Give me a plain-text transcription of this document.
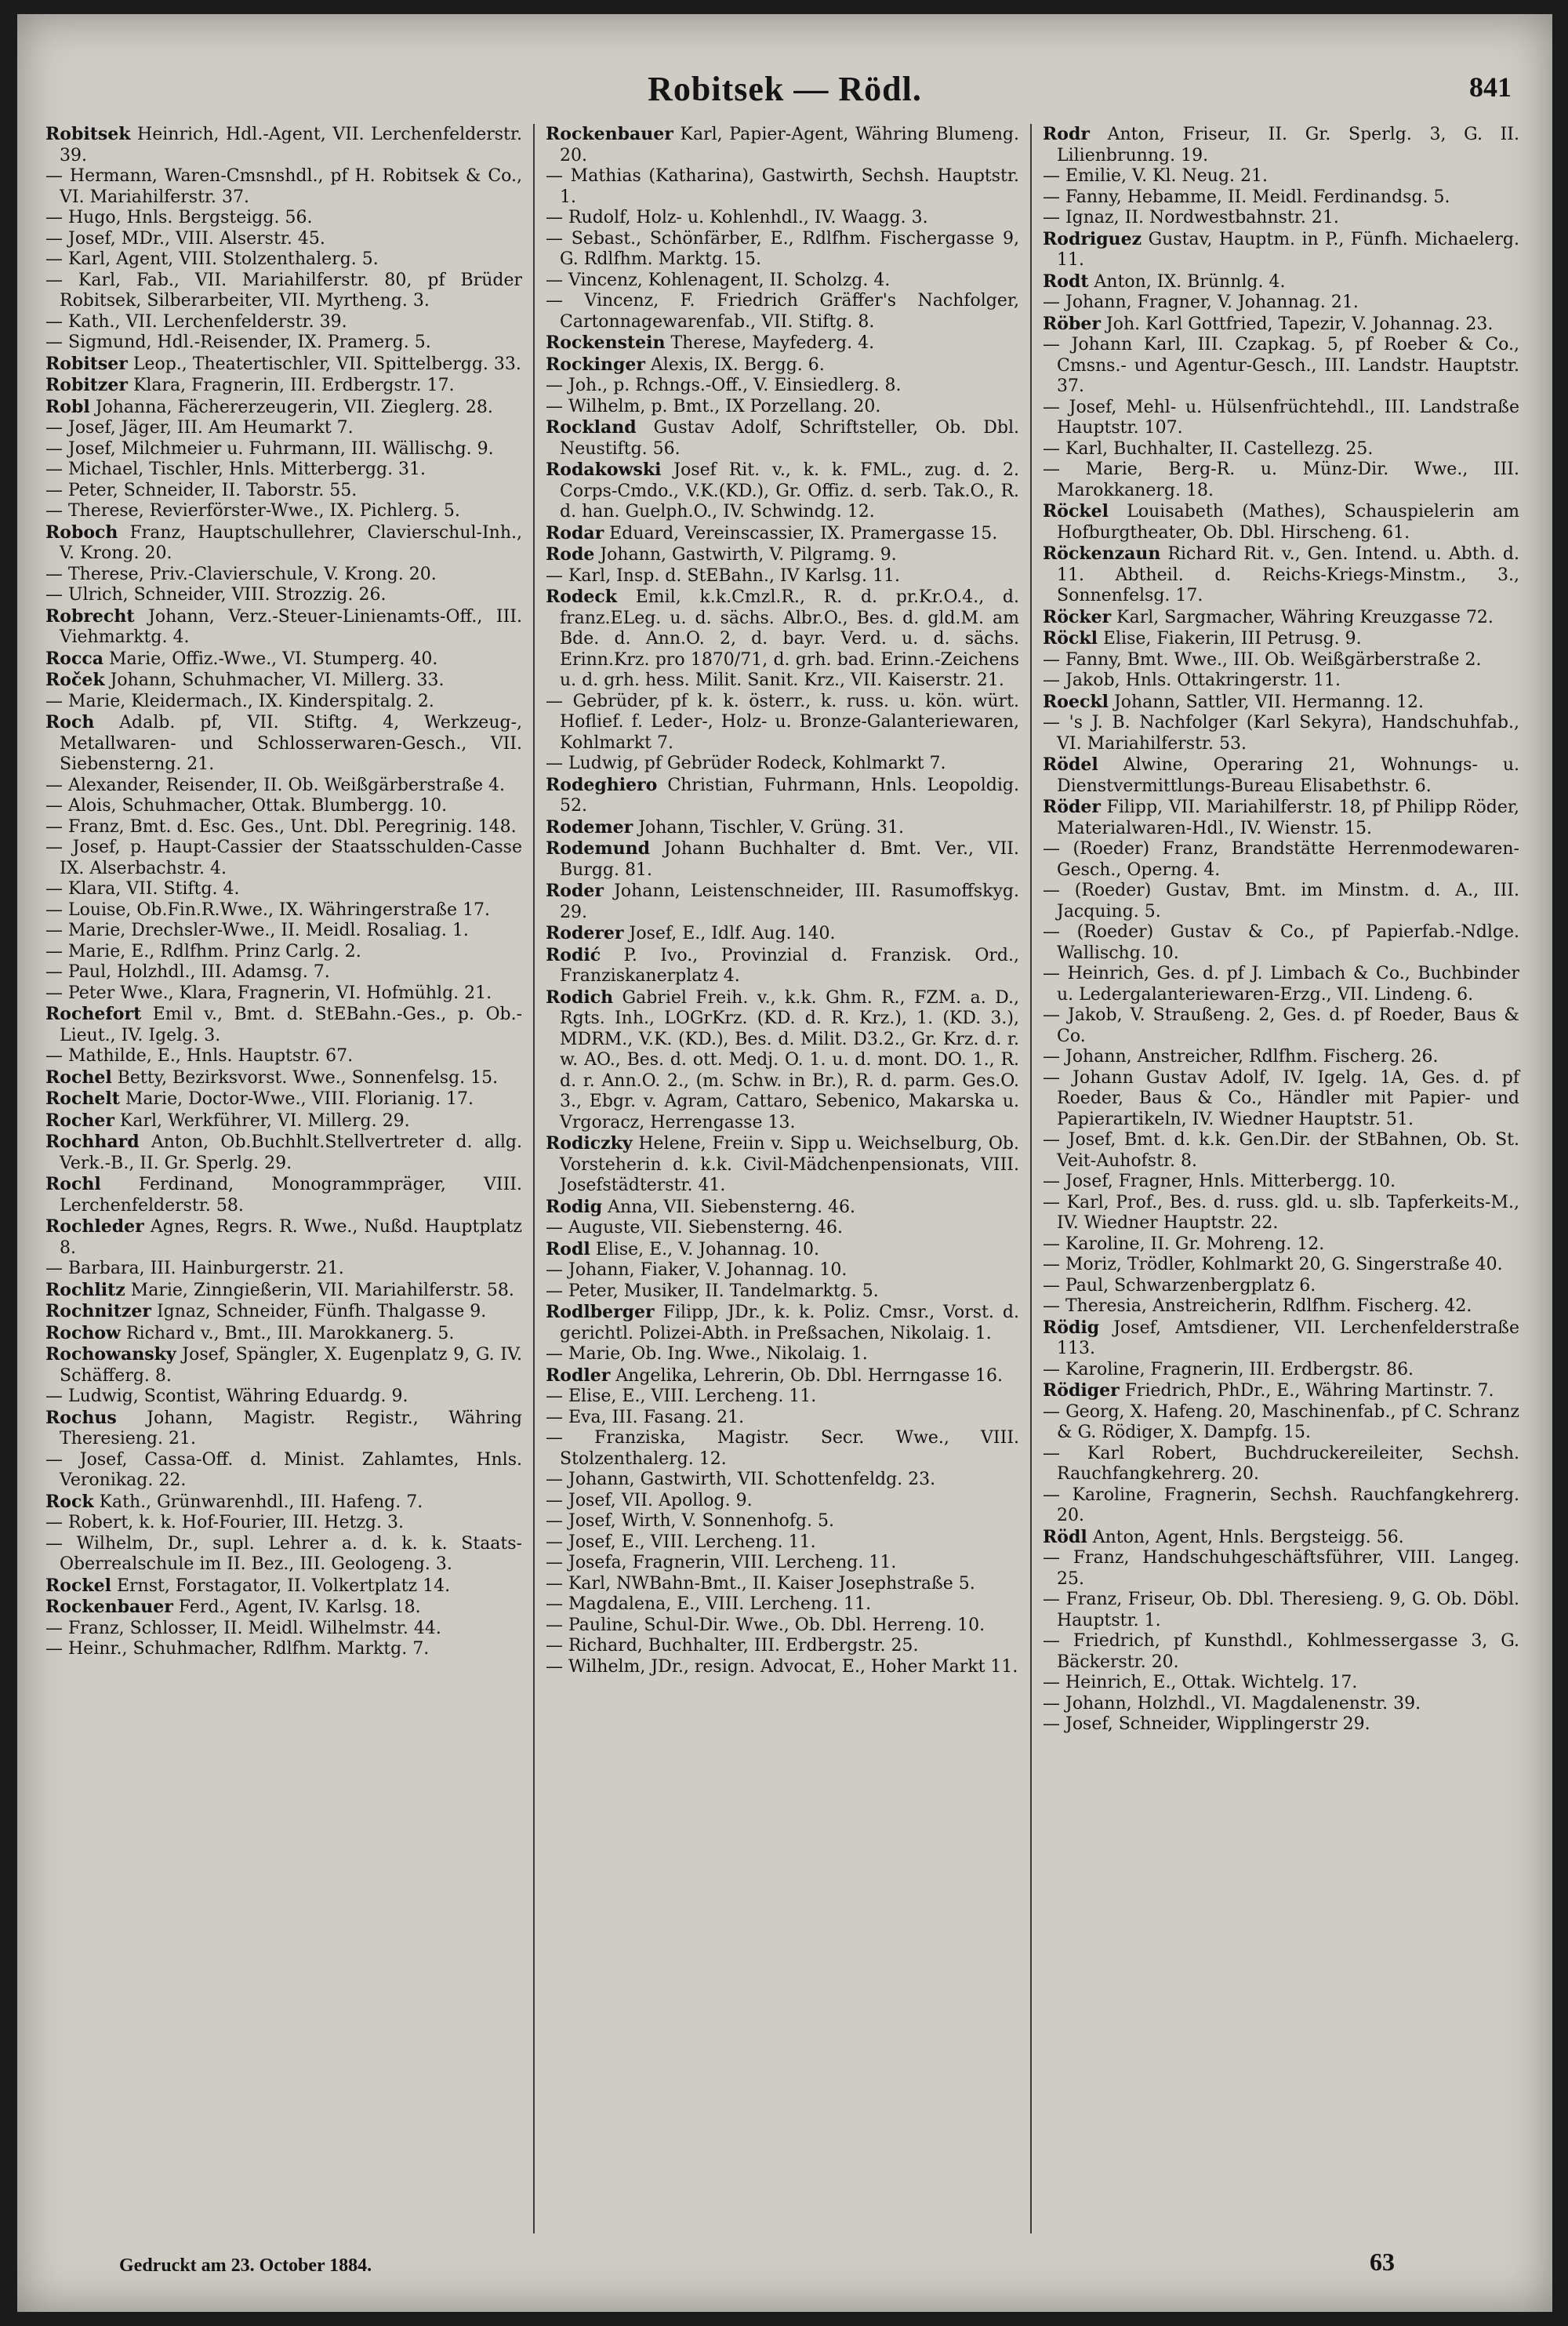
Robitsek — Rödl.	841

Robitsek Heinrich, Hdl.-Agent, VII. Lerchenfelderstr. 39.

— Hermann, Waren-Cmsnshdl., pf H. Robitsek & Co., VI. Mariahilferstr. 37.

— Hugo, Hnls. Bergsteigg. 56.

— Josef, MDr., VIII. Alserstr. 45.

— Karl, Agent, VIII. Stolzenthalerg. 5.

— Karl, Fab., VII. Mariahilferstr. 80, pf Brüder Robitsek, Silberarbeiter, VII. Myrtheng. 3.

— Kath., VII. Lerchenfelderstr. 39.

— Sigmund, Hdl.-Reisender, IX. Pramerg. 5.

Robitser Leop., Theatertischler, VII. Spittelbergg. 33.

Robitzer Klara, Fragnerin, III. Erdbergstr. 17.

Robl Johanna, Fächererzeugerin, VII. Zieglerg. 28.

— Josef, Jäger, III. Am Heumarkt 7.

— Josef, Milchmeier u. Fuhrmann, III. Wällischg. 9.

— Michael, Tischler, Hnls. Mitterbergg. 31.

— Peter, Schneider, II. Taborstr. 55.

— Therese, Revierförster-Wwe., IX. Pichlerg. 5.

Roboch Franz, Hauptschullehrer, Clavierschul-Inh., V. Krong. 20.

— Therese, Priv.-Clavierschule, V. Krong. 20.

— Ulrich, Schneider, VIII. Strozzig. 26.

Robrecht Johann, Verz.-Steuer-Linienamts-Off., III. Viehmarktg. 4.

Rocca Marie, Offiz.-Wwe., VI. Stumperg. 40.

Roček Johann, Schuhmacher, VI. Millerg. 33.

— Marie, Kleidermach., IX. Kinderspitalg. 2.

Roch Adalb. pf, VII. Stiftg. 4, Werkzeug-, Metallwaren- und Schlosserwaren-Gesch., VII. Siebensterng. 21.

— Alexander, Reisender, II. Ob. Weißgärberstraße 4.

— Alois, Schuhmacher, Ottak. Blumbergg. 10.

— Franz, Bmt. d. Esc. Ges., Unt. Dbl. Peregrinig. 148.

— Josef, p. Haupt-Cassier der Staatsschulden-Casse IX. Alserbachstr. 4.

— Klara, VII. Stiftg. 4.

— Louise, Ob.Fin.R.Wwe., IX. Währingerstraße 17.

— Marie, Drechsler-Wwe., II. Meidl. Rosaliag. 1.

— Marie, E., Rdlfhm. Prinz Carlg. 2.

— Paul, Holzhdl., III. Adamsg. 7.

— Peter Wwe., Klara, Fragnerin, VI. Hofmühlg. 21.

Rochefort Emil v., Bmt. d. StEBahn.-Ges., p. Ob.-Lieut., IV. Igelg. 3.

— Mathilde, E., Hnls. Hauptstr. 67.

Rochel Betty, Bezirksvorst. Wwe., Sonnenfelsg. 15.

Rochelt Marie, Doctor-Wwe., VIII. Florianig. 17.

Rocher Karl, Werkführer, VI. Millerg. 29.

Rochhard Anton, Ob.Buchhlt.Stellvertreter d. allg. Verk.-B., II. Gr. Sperlg. 29.

Rochl Ferdinand, Monogrammpräger, VIII. Lerchenfelderstr. 58.

Rochleder Agnes, Regrs. R. Wwe., Nußd. Hauptplatz 8.

— Barbara, III. Hainburgerstr. 21.

Rochlitz Marie, Zinngießerin, VII. Mariahilferstr. 58.

Rochnitzer Ignaz, Schneider, Fünfh. Thalgasse 9.

Rochow Richard v., Bmt., III. Marokkanerg. 5.

Rochowansky Josef, Spängler, X. Eugenplatz 9, G. IV. Schäfferg. 8.

— Ludwig, Scontist, Währing Eduardg. 9.

Rochus Johann, Magistr. Registr., Währing Theresieng. 21.

— Josef, Cassa-Off. d. Minist. Zahlamtes, Hnls. Veronikag. 22.

Rock Kath., Grünwarenhdl., III. Hafeng. 7.

— Robert, k. k. Hof-Fourier, III. Hetzg. 3.

— Wilhelm, Dr., supl. Lehrer a. d. k. k. Staats-Oberrealschule im II. Bez., III. Geologeng. 3.

Rockel Ernst, Forstagator, II. Volkertplatz 14.

Rockenbauer Ferd., Agent, IV. Karlsg. 18.

— Franz, Schlosser, II. Meidl. Wilhelmstr. 44.

— Heinr., Schuhmacher, Rdlfhm. Marktg. 7.

Rockenbauer Karl, Papier-Agent, Währing Blumeng. 20.

— Mathias (Katharina), Gastwirth, Sechsh. Hauptstr. 1.

— Rudolf, Holz- u. Kohlenhdl., IV. Waagg. 3.

— Sebast., Schönfärber, E., Rdlfhm. Fischergasse 9, G. Rdlfhm. Marktg. 15.

— Vincenz, Kohlenagent, II. Scholzg. 4.

— Vincenz, F. Friedrich Gräffer's Nachfolger, Cartonnagewarenfab., VII. Stiftg. 8.

Rockenstein Therese, Mayfederg. 4.

Rockinger Alexis, IX. Bergg. 6.

— Joh., p. Rchngs.-Off., V. Einsiedlerg. 8.

— Wilhelm, p. Bmt., IX Porzellang. 20.

Rockland Gustav Adolf, Schriftsteller, Ob. Dbl. Neustiftg. 56.

Rodakowski Josef Rit. v., k. k. FML., zug. d. 2. Corps-Cmdo., V.K.(KD.), Gr. Offiz. d. serb. Tak.O., R. d. han. Guelph.O., IV. Schwindg. 12.

Rodar Eduard, Vereinscassier, IX. Pramergasse 15.

Rode Johann, Gastwirth, V. Pilgramg. 9.

— Karl, Insp. d. StEBahn., IV Karlsg. 11.

Rodeck Emil, k.k.Cmzl.R., R. d. pr.Kr.O.4., d. franz.ELeg. u. d. sächs. Albr.O., Bes. d. gld.M. am Bde. d. Ann.O. 2, d. bayr. Verd. u. d. sächs. Erinn.Krz. pro 1870/71, d. grh. bad. Erinn.-Zeichens u. d. grh. hess. Milit. Sanit. Krz., VII. Kaiserstr. 21.

— Gebrüder, pf k. k. österr., k. russ. u. kön. würt. Hoflief. f. Leder-, Holz- u. Bronze-Galanteriewaren, Kohlmarkt 7.

— Ludwig, pf Gebrüder Rodeck, Kohlmarkt 7.

Rodeghiero Christian, Fuhrmann, Hnls. Leopoldig. 52.

Rodemer Johann, Tischler, V. Grüng. 31.

Rodemund Johann Buchhalter d. Bmt. Ver., VII. Burgg. 81.

Roder Johann, Leistenschneider, III. Rasumoffskyg. 29.

Roderer Josef, E., Idlf. Aug. 140.

Rodić P. Ivo., Provinzial d. Franzisk. Ord., Franziskanerplatz 4.

Rodich Gabriel Freih. v., k.k. Ghm. R., FZM. a. D., Rgts. Inh., LOGrKrz. (KD. d. R. Krz.), 1. (KD. 3.), MDRM., V.K. (KD.), Bes. d. Milit. D3.2., Gr. Krz. d. r. w. AO., Bes. d. ott. Medj. O. 1. u. d. mont. DO. 1., R. d. r. Ann.O. 2., (m. Schw. in Br.), R. d. parm. Ges.O. 3., Ebgr. v. Agram, Cattaro, Sebenico, Makarska u. Vrgoracz, Herrengasse 13.

Rodiczky Helene, Freiin v. Sipp u. Weichselburg, Ob. Vorsteherin d. k.k. Civil-Mädchenpensionats, VIII. Josefstädterstr. 41.

Rodig Anna, VII. Siebensterng. 46.

— Auguste, VII. Siebensterng. 46.

Rodl Elise, E., V. Johannag. 10.

— Johann, Fiaker, V. Johannag. 10.

— Peter, Musiker, II. Tandelmarktg. 5.

Rodlberger Filipp, JDr., k. k. Poliz. Cmsr., Vorst. d. gerichtl. Polizei-Abth. in Preßsachen, Nikolaig. 1.

— Marie, Ob. Ing. Wwe., Nikolaig. 1.

Rodler Angelika, Lehrerin, Ob. Dbl. Herrngasse 16.

— Elise, E., VIII. Lercheng. 11.

— Eva, III. Fasang. 21.

— Franziska, Magistr. Secr. Wwe., VIII. Stolzenthalerg. 12.

— Johann, Gastwirth, VII. Schottenfeldg. 23.

— Josef, VII. Apollog. 9.

— Josef, Wirth, V. Sonnenhofg. 5.

— Josef, E., VIII. Lercheng. 11.

— Josefa, Fragnerin, VIII. Lercheng. 11.

— Karl, NWBahn-Bmt., II. Kaiser Josephstraße 5.

— Magdalena, E., VIII. Lercheng. 11.

— Pauline, Schul-Dir. Wwe., Ob. Dbl. Herreng. 10.

— Richard, Buchhalter, III. Erdbergstr. 25.

— Wilhelm, JDr., resign. Advocat, E., Hoher Markt 11.

Rodr Anton, Friseur, II. Gr. Sperlg. 3, G. II. Lilienbrunng. 19.

— Emilie, V. Kl. Neug. 21.

— Fanny, Hebamme, II. Meidl. Ferdinandsg. 5.

— Ignaz, II. Nordwestbahnstr. 21.

Rodriguez Gustav, Hauptm. in P., Fünfh. Michaelerg. 11.

Rodt Anton, IX. Brünnlg. 4.

— Johann, Fragner, V. Johannag. 21.

Röber Joh. Karl Gottfried, Tapezir, V. Johannag. 23.

— Johann Karl, III. Czapkag. 5, pf Roeber & Co., Cmsns.- und Agentur-Gesch., III. Landstr. Hauptstr. 37.

— Josef, Mehl- u. Hülsenfrüchtehdl., III. Landstraße Hauptstr. 107.

— Karl, Buchhalter, II. Castellezg. 25.

— Marie, Berg-R. u. Münz-Dir. Wwe., III. Marokkanerg. 18.

Röckel Louisabeth (Mathes), Schauspielerin am Hofburgtheater, Ob. Dbl. Hirscheng. 61.

Röckenzaun Richard Rit. v., Gen. Intend. u. Abth. d. 11. Abtheil. d. Reichs-Kriegs-Minstm., 3., Sonnenfelsg. 17.

Röcker Karl, Sargmacher, Währing Kreuzgasse 72.

Röckl Elise, Fiakerin, III Petrusg. 9.

— Fanny, Bmt. Wwe., III. Ob. Weißgärberstraße 2.

— Jakob, Hnls. Ottakringerstr. 11.

Roeckl Johann, Sattler, VII. Hermanng. 12.

— 's J. B. Nachfolger (Karl Sekyra), Handschuhfab., VI. Mariahilferstr. 53.

Rödel Alwine, Operaring 21, Wohnungs- u. Dienstvermittlungs-Bureau Elisabethstr. 6.

Röder Filipp, VII. Mariahilferstr. 18, pf Philipp Röder, Materialwaren-Hdl., IV. Wienstr. 15.

— (Roeder) Franz, Brandstätte Herrenmodewaren-Gesch., Operng. 4.

— (Roeder) Gustav, Bmt. im Minstm. d. A., III. Jacquing. 5.

— (Roeder) Gustav & Co., pf Papierfab.-Ndlge. Wallischg. 10.

— Heinrich, Ges. d. pf J. Limbach & Co., Buchbinder u. Ledergalanteriewaren-Erzg., VII. Lindeng. 6.

— Jakob, V. Straußeng. 2, Ges. d. pf Roeder, Baus & Co.

— Johann, Anstreicher, Rdlfhm. Fischerg. 26.

— Johann Gustav Adolf, IV. Igelg. 1A, Ges. d. pf Roeder, Baus & Co., Händler mit Papier- und Papierartikeln, IV. Wiedner Hauptstr. 51.

— Josef, Bmt. d. k.k. Gen.Dir. der StBahnen, Ob. St. Veit-Auhofstr. 8.

— Josef, Fragner, Hnls. Mitterbergg. 10.

— Karl, Prof., Bes. d. russ. gld. u. slb. Tapferkeits-M., IV. Wiedner Hauptstr. 22.

— Karoline, II. Gr. Mohreng. 12.

— Moriz, Trödler, Kohlmarkt 20, G. Singerstraße 40.

— Paul, Schwarzenbergplatz 6.

— Theresia, Anstreicherin, Rdlfhm. Fischerg. 42.

Rödig Josef, Amtsdiener, VII. Lerchenfelderstraße 113.

— Karoline, Fragnerin, III. Erdbergstr. 86.

Rödiger Friedrich, PhDr., E., Währing Martinstr. 7.

— Georg, X. Hafeng. 20, Maschinenfab., pf C. Schranz & G. Rödiger, X. Dampfg. 15.

— Karl Robert, Buchdruckereileiter, Sechsh. Rauchfangkehrerg. 20.

— Karoline, Fragnerin, Sechsh. Rauchfangkehrerg. 20.

Rödl Anton, Agent, Hnls. Bergsteigg. 56.

— Franz, Handschuhgeschäftsführer, VIII. Langeg. 25.

— Franz, Friseur, Ob. Dbl. Theresieng. 9, G. Ob. Döbl. Hauptstr. 1.

— Friedrich, pf Kunsthdl., Kohlmessergasse 3, G. Bäckerstr. 20.

— Heinrich, E., Ottak. Wichtelg. 17.

— Johann, Holzhdl., VI. Magdalenenstr. 39.

— Josef, Schneider, Wipplingerstr 29.

Gedruckt am 23. October 1884.	63
